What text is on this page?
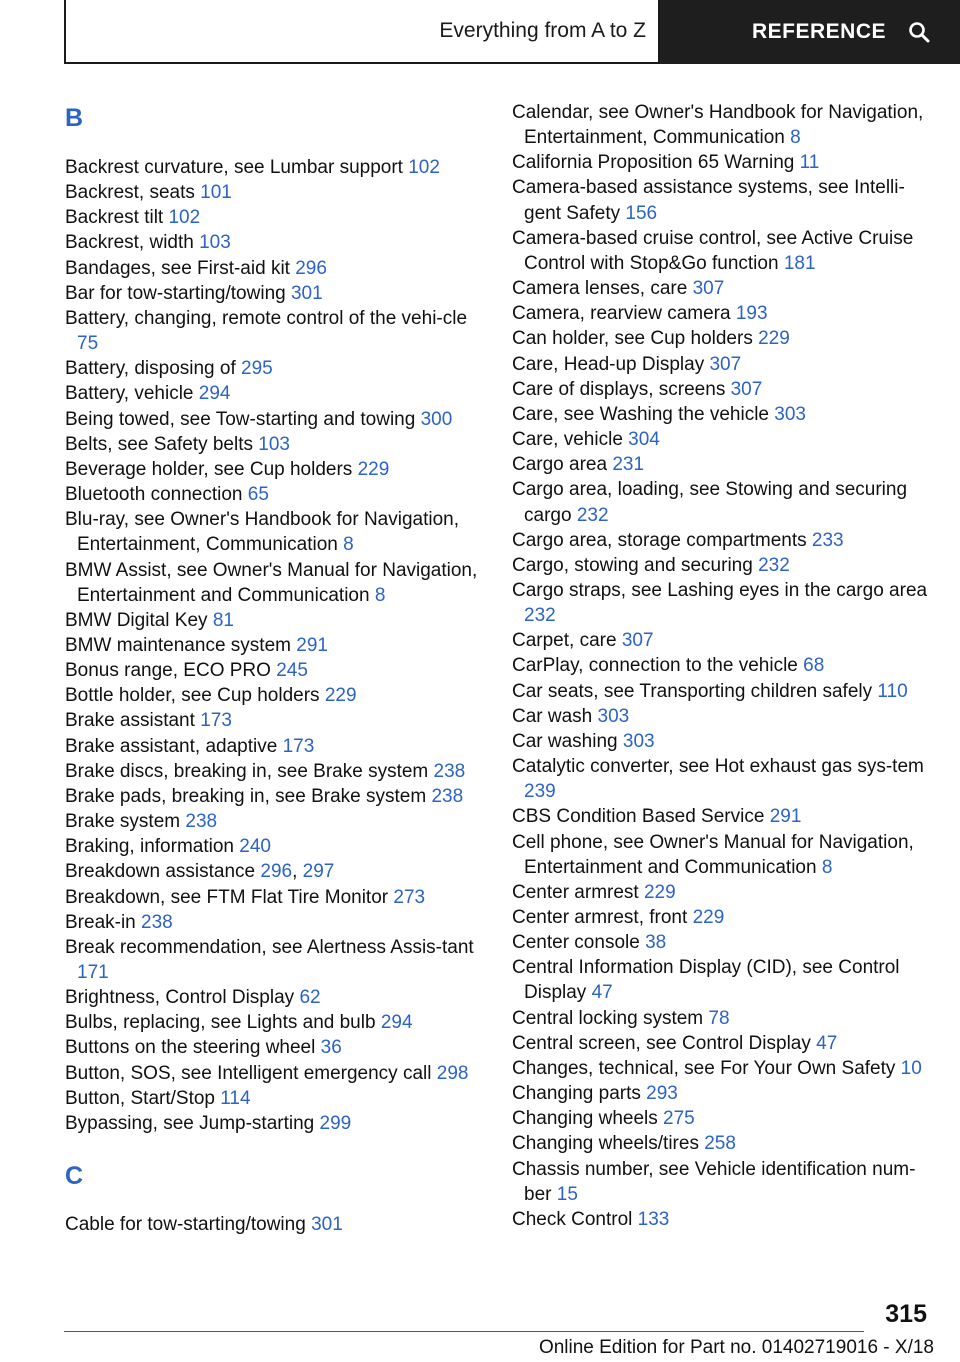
Everything from A to Z	REFERENCE
B
Backrest curvature, see Lumbar support 102
Backrest, seats 101
Backrest tilt 102
Backrest, width 103
Bandages, see First-aid kit 296
Bar for tow-starting/towing 301
Battery, changing, remote control of the vehi-cle 75
Battery, disposing of 295
Battery, vehicle 294
Being towed, see Tow-starting and towing 300
Belts, see Safety belts 103
Beverage holder, see Cup holders 229
Bluetooth connection 65
Blu-ray, see Owner's Handbook for Navigation, Entertainment, Communication 8
BMW Assist, see Owner's Manual for Navigation, Entertainment and Communication 8
BMW Digital Key 81
BMW maintenance system 291
Bonus range, ECO PRO 245
Bottle holder, see Cup holders 229
Brake assistant 173
Brake assistant, adaptive 173
Brake discs, breaking in, see Brake system 238
Brake pads, breaking in, see Brake system 238
Brake system 238
Braking, information 240
Breakdown assistance 296, 297
Breakdown, see FTM Flat Tire Monitor 273
Break-in 238
Break recommendation, see Alertness Assis-tant 171
Brightness, Control Display 62
Bulbs, replacing, see Lights and bulb 294
Buttons on the steering wheel 36
Button, SOS, see Intelligent emergency call 298
Button, Start/Stop 114
Bypassing, see Jump-starting 299
C
Cable for tow-starting/towing 301
Calendar, see Owner's Handbook for Navigation, Entertainment, Communication 8
California Proposition 65 Warning 11
Camera-based assistance systems, see Intelli-gent Safety 156
Camera-based cruise control, see Active Cruise Control with Stop&Go function 181
Camera lenses, care 307
Camera, rearview camera 193
Can holder, see Cup holders 229
Care, Head-up Display 307
Care of displays, screens 307
Care, see Washing the vehicle 303
Care, vehicle 304
Cargo area 231
Cargo area, loading, see Stowing and securing cargo 232
Cargo area, storage compartments 233
Cargo, stowing and securing 232
Cargo straps, see Lashing eyes in the cargo area 232
Carpet, care 307
CarPlay, connection to the vehicle 68
Car seats, see Transporting children safely 110
Car wash 303
Car washing 303
Catalytic converter, see Hot exhaust gas sys-tem 239
CBS Condition Based Service 291
Cell phone, see Owner's Manual for Navigation, Entertainment and Communication 8
Center armrest 229
Center armrest, front 229
Center console 38
Central Information Display (CID), see Control Display 47
Central locking system 78
Central screen, see Control Display 47
Changes, technical, see For Your Own Safety 10
Changing parts 293
Changing wheels 275
Changing wheels/tires 258
Chassis number, see Vehicle identification num-ber 15
Check Control 133
315
Online Edition for Part no. 01402719016 - X/18
